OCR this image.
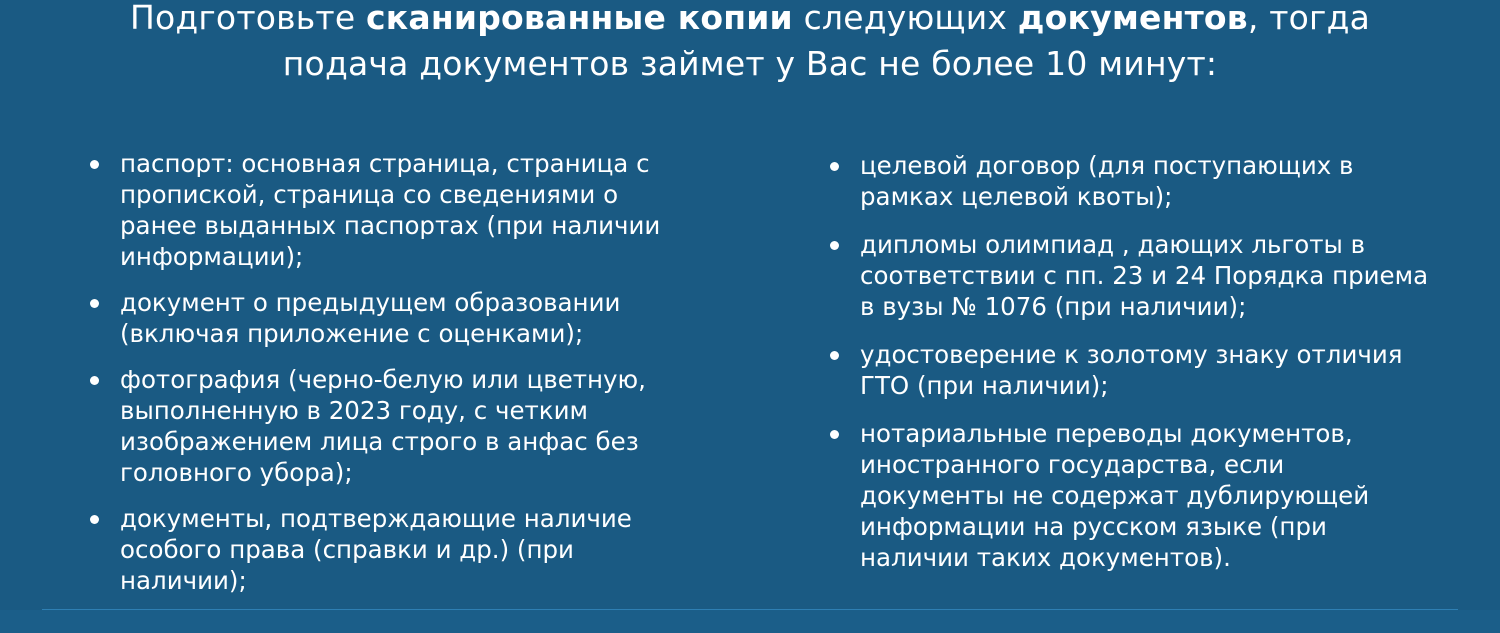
Подготовьте сканированные копии следующих документов, тогда
подача документов займет у Вас не более 10 минут:
паспорт: основная страница, страница с пропиской, страница со сведениями о ранее выданных паспортах (при наличии информации);
документ о предыдущем образовании (включая приложение с оценками);
фотография (черно-белую или цветную, выполненную в 2023 году, с четким изображением лица строго в анфас без головного убора);
документы, подтверждающие наличие особого права (справки и др.) (при наличии);
целевой договор (для поступающих в рамках целевой квоты);
дипломы олимпиад , дающих льготы в соответствии с пп. 23 и 24 Порядка приема в вузы № 1076 (при наличии);
удостоверение к золотому знаку отличия ГТО (при наличии);
нотариальные переводы документов, иностранного государства, если документы не содержат дублирующей информации на русском языке (при наличии таких документов).
